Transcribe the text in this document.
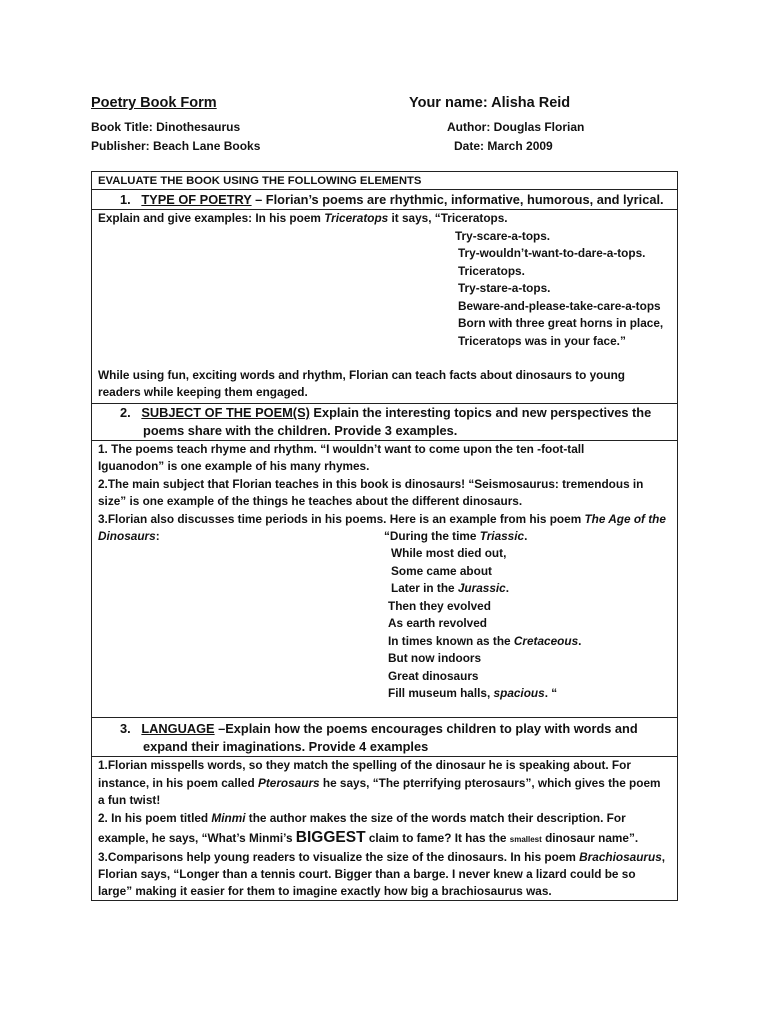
Poetry Book Form	Your name: Alisha Reid
Book Title: Dinothesaurus
Publisher: Beach Lane Books
Author: Douglas Florian
Date: March 2009
EVALUATE THE BOOK USING THE FOLLOWING ELEMENTS
1. TYPE OF POETRY – Florian’s poems are rhythmic, informative, humorous, and lyrical.
Explain and give examples: In his poem Triceratops it says, “Triceratops.
Try-scare-a-tops.
Try-wouldn’t-want-to-dare-a-tops.
Triceratops.
Try-stare-a-tops.
Beware-and-please-take-care-a-tops
Born with three great horns in place,
Triceratops was in your face.”
While using fun, exciting words and rhythm, Florian can teach facts about dinosaurs to young
readers while keeping them engaged.
2. SUBJECT OF THE POEM(S) Explain the interesting topics and new perspectives the
poems share with the children. Provide 3 examples.
1. The poems teach rhyme and rhythm. “I wouldn’t want to come upon the ten -foot-tall
Iguanodon” is one example of his many rhymes.
2.The main subject that Florian teaches in this book is dinosaurs! “Seismosaurus: tremendous in
size” is one example of the things he teaches about the different dinosaurs.
3.Florian also discusses time periods in his poems. Here is an example from his poem The Age of the
Dinosaurs:	“During the time Triassic.
While most died out,
Some came about
Later in the Jurassic.
Then they evolved
As earth revolved
In times known as the Cretaceous.
But now indoors
Great dinosaurs
Fill museum halls, spacious. “
3. LANGUAGE –Explain how the poems encourages children to play with words and
expand their imaginations. Provide 4 examples
1.Florian misspells words, so they match the spelling of the dinosaur he is speaking about. For
instance, in his poem called Pterosaurs he says, “The pterrifying pterosaurs”, which gives the poem
a fun twist!
2. In his poem titled Minmi the author makes the size of the words match their description. For
example, he says, “What’s Minmi’s BIGGEST claim to fame? It has the smallest dinosaur name”.
3.Comparisons help young readers to visualize the size of the dinosaurs. In his poem Brachiosaurus,
Florian says, “Longer than a tennis court. Bigger than a barge. I never knew a lizard could be so
large” making it easier for them to imagine exactly how big a brachiosaurus was.
